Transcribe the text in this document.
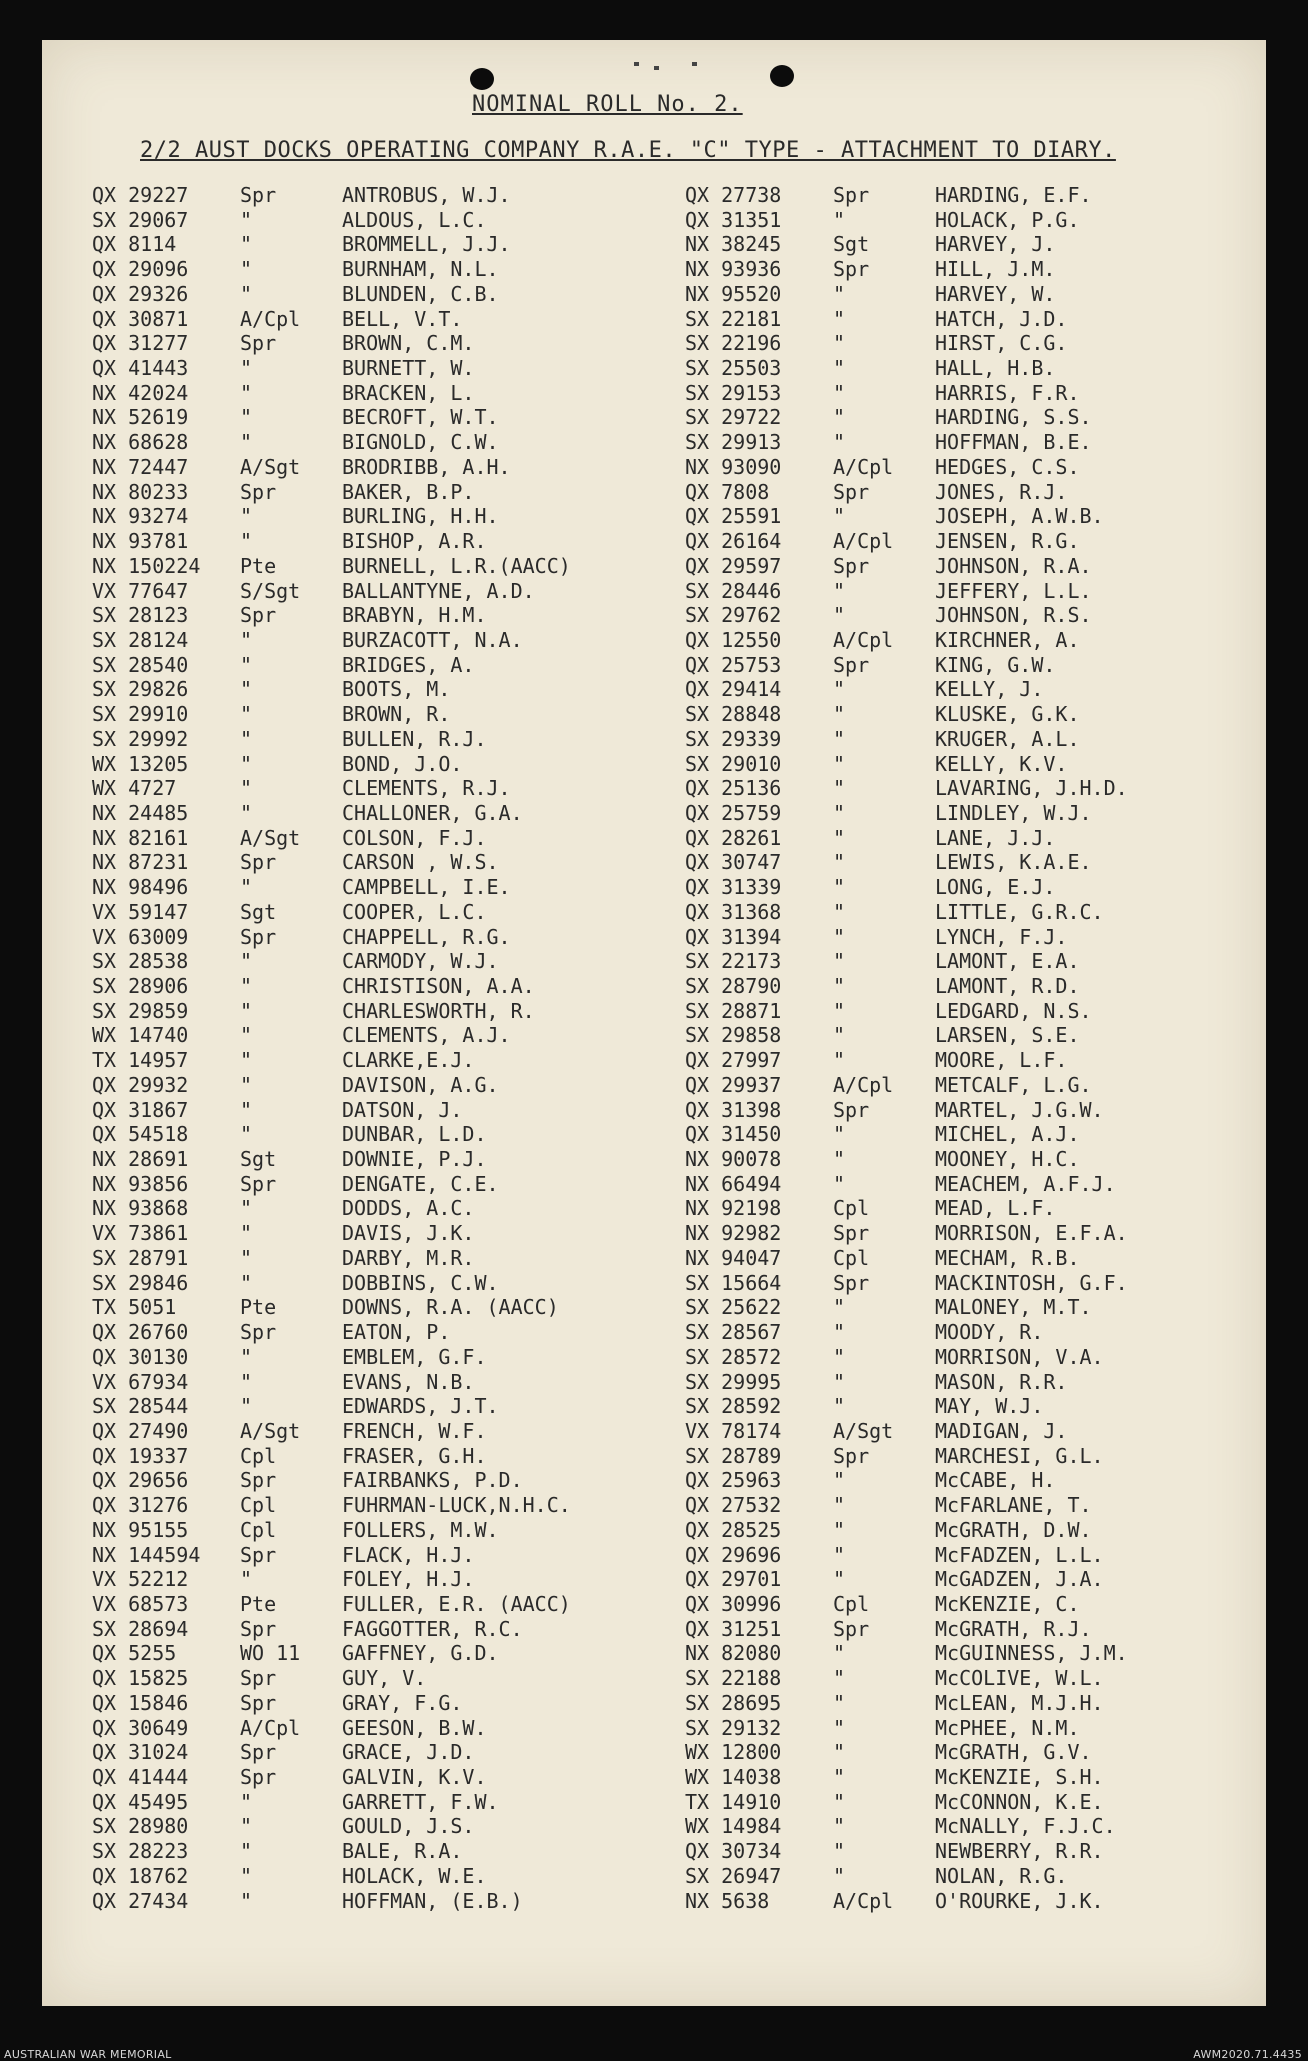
NOMINAL ROLL No. 2.
2/2 AUST DOCKS OPERATING COMPANY R.A.E. "C" TYPE - ATTACHMENT TO DIARY.
QX 29227	Spr	ANTROBUS, W.J.
SX 29067	"	ALDOUS, L.C.
QX 8114	"	BROMMELL, J.J.
QX 29096	"	BURNHAM, N.L.
QX 29326	"	BLUNDEN, C.B.
QX 30871	A/Cpl BELL, V.T.
QX 31277	Spr	BROWN, C.M.
QX 41443	"	BURNETT, W.
NX 42024	"	BRACKEN, L.
NX 52619	"	BECROFT, W.T.
NX 68628	"	BIGNOLD, C.W.
NX 72447	A/Sgt BRODRIBB, A.H.
NX 80233	Spr	BAKER, B.P.
NX 93274	"	BURLING, H.H.
NX 93781	"	BISHOP, A.R.
NX 150224 Pte	BURNELL, L.R.(AACC)
VX 77647	S/Sgt BALLANTYNE, A.D.
SX 28123	Spr	BRABYN, H.M.
SX 28124	"	BURZACOTT, N.A.
SX 28540	"	BRIDGES, A.
SX 29826	"	BOOTS, M.
SX 29910	"	BROWN, R.
SX 29992	"	BULLEN, R.J.
WX 13205	"	BOND, J.O.
WX 4727	"	CLEMENTS, R.J.
NX 24485	"	CHALLONER, G.A.
NX 82161	A/Sgt COLSON, F.J.
NX 87231	Spr	CARSON , W.S.
NX 98496	"	CAMPBELL, I.E.
VX 59147	Sgt	COOPER, L.C.
VX 63009	Spr	CHAPPELL, R.G.
SX 28538	"	CARMODY, W.J.
SX 28906	"	CHRISTISON, A.A.
SX 29859	"	CHARLESWORTH, R.
WX 14740	"	CLEMENTS, A.J.
TX 14957	"	CLARKE,E.J.
QX 29932	"	DAVISON, A.G.
QX 31867	"	DATSON, J.
QX 54518	"	DUNBAR, L.D.
NX 28691	Sgt	DOWNIE, P.J.
NX 93856	Spr	DENGATE, C.E.
NX 93868	"	DODDS, A.C.
VX 73861	"	DAVIS, J.K.
SX 28791	"	DARBY, M.R.
SX 29846	"	DOBBINS, C.W.
TX 5051	Pte	DOWNS, R.A. (AACC)
QX 26760	Spr	EATON, P.
QX 30130	"	EMBLEM, G.F.
VX 67934	"	EVANS, N.B.
SX 28544	"	EDWARDS, J.T.
QX 27490	A/Sgt FRENCH, W.F.
QX 19337	Cpl	FRASER, G.H.
QX 29656	Spr	FAIRBANKS, P.D.
QX 31276	Cpl	FUHRMAN-LUCK,N.H.C.
NX 95155	Cpl	FOLLERS, M.W.
NX 144594 Spr	FLACK, H.J.
VX 52212	"	FOLEY, H.J.
VX 68573	Pte	FULLER, E.R. (AACC)
SX 28694	Spr	FAGGOTTER, R.C.
QX 5255	WO 11 GAFFNEY, G.D.
QX 15825	Spr	GUY, V.
QX 15846	Spr	GRAY, F.G.
QX 30649	A/Cpl GEESON, B.W.
QX 31024	Spr	GRACE, J.D.
QX 41444	Spr	GALVIN, K.V.
QX 45495	"	GARRETT, F.W.
SX 28980	"	GOULD, J.S.
SX 28223	"	BALE, R.A.
QX 18762	"	HOLACK, W.E.
QX 27434	"	HOFFMAN, (E.B.)
QX 27738	Spr	HARDING, E.F.
QX 31351	"	HOLACK, P.G.
NX 38245	Sgt	HARVEY, J.
NX 93936	Spr	HILL, J.M.
NX 95520	"	HARVEY, W.
SX 22181	"	HATCH, J.D.
SX 22196	"	HIRST, C.G.
SX 25503	"	HALL, H.B.
SX 29153	"	HARRIS, F.R.
SX 29722	"	HARDING, S.S.
SX 29913	"	HOFFMAN, B.E.
NX 93090	A/Cpl HEDGES, C.S.
QX 7808	Spr	JONES, R.J.
QX 25591	"	JOSEPH, A.W.B.
QX 26164	A/Cpl JENSEN, R.G.
QX 29597	Spr	JOHNSON, R.A.
SX 28446	"	JEFFERY, L.L.
SX 29762	"	JOHNSON, R.S.
QX 12550	A/Cpl KIRCHNER, A.
QX 25753	Spr	KING, G.W.
QX 29414	"	KELLY, J.
SX 28848	"	KLUSKE, G.K.
SX 29339	"	KRUGER, A.L.
SX 29010	"	KELLY, K.V.
QX 25136	"	LAVARING, J.H.D.
QX 25759	"	LINDLEY, W.J.
QX 28261	"	LANE, J.J.
QX 30747	"	LEWIS, K.A.E.
QX 31339	"	LONG, E.J.
QX 31368	"	LITTLE, G.R.C.
QX 31394	"	LYNCH, F.J.
SX 22173	"	LAMONT, E.A.
SX 28790	"	LAMONT, R.D.
SX 28871	"	LEDGARD, N.S.
SX 29858	"	LARSEN, S.E.
QX 27997	"	MOORE, L.F.
QX 29937	A/Cpl METCALF, L.G.
QX 31398	Spr	MARTEL, J.G.W.
QX 31450	"	MICHEL, A.J.
NX 90078	"	MOONEY, H.C.
NX 66494	"	MEACHEM, A.F.J.
NX 92198	Cpl	MEAD, L.F.
NX 92982	Spr	MORRISON, E.F.A.
NX 94047	Cpl	MECHAM, R.B.
SX 15664	Spr	MACKINTOSH, G.F.
SX 25622	"	MALONEY, M.T.
SX 28567	"	MOODY, R.
SX 28572	"	MORRISON, V.A.
SX 29995	"	MASON, R.R.
SX 28592	"	MAY, W.J.
VX 78174	A/Sgt MADIGAN, J.
SX 28789	Spr	MARCHESI, G.L.
QX 25963	"	McCABE, H.
QX 27532	"	McFARLANE, T.
QX 28525	"	McGRATH, D.W.
QX 29696	"	McFADZEN, L.L.
QX 29701	"	McGADZEN, J.A.
QX 30996	Cpl	McKENZIE, C.
QX 31251	Spr	McGRATH, R.J.
NX 82080	"	McGUINNESS, J.M.
SX 22188	"	McCOLIVE, W.L.
SX 28695	"	McLEAN, M.J.H.
SX 29132	"	McPHEE, N.M.
WX 12800	"	McGRATH, G.V.
WX 14038	"	McKENZIE, S.H.
TX 14910	"	McCONNON, K.E.
WX 14984	"	McNALLY, F.J.C.
QX 30734	"	NEWBERRY, R.R.
SX 26947	"	NOLAN, R.G.
NX 5638	A/Cpl O'ROURKE, J.K.
AUSTRALIAN WAR MEMORIAL	AWM2020.71.4435
